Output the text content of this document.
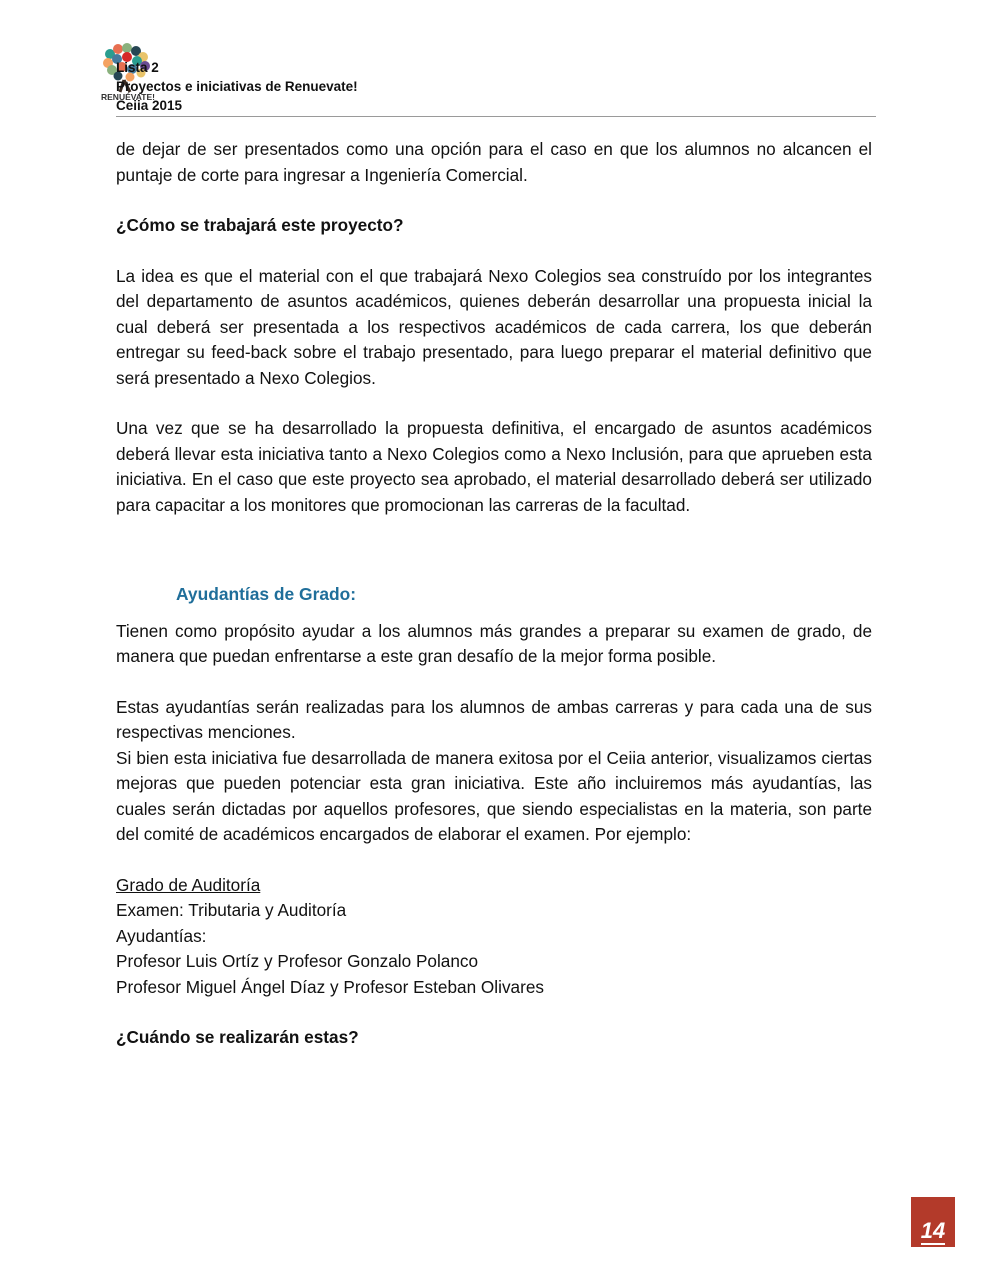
RENUÉVATE!
Lista 2
Proyectos e iniciativas de Renuevate!
Ceiia 2015

de dejar de ser presentados como una opción para el caso en que los alumnos no alcancen el puntaje de corte para ingresar a Ingeniería Comercial.

¿Cómo se trabajará este proyecto?

La idea es que el material con el que trabajará Nexo Colegios sea construído por los integrantes del departamento de asuntos académicos, quienes deberán desarrollar una propuesta inicial la cual deberá ser presentada a los respectivos académicos de cada carrera, los que deberán entregar su feed-back sobre el trabajo presentado, para luego preparar el material definitivo que será presentado a Nexo Colegios.

Una vez que se ha desarrollado la propuesta definitiva, el encargado de asuntos académicos deberá llevar esta iniciativa tanto a Nexo Colegios como a Nexo Inclusión, para que aprueben esta iniciativa. En el caso que este proyecto sea aprobado, el material desarrollado deberá ser utilizado para capacitar a los monitores que promocionan las carreras de la facultad.

Ayudantías de Grado:

Tienen como propósito ayudar a los alumnos más grandes a preparar su examen de grado, de manera que puedan enfrentarse a este gran desafío de la mejor forma posible.

Estas ayudantías serán realizadas para los alumnos de ambas carreras y para cada una de sus respectivas menciones.

Si bien esta iniciativa fue desarrollada de manera exitosa por el Ceiia anterior, visualizamos ciertas mejoras que pueden potenciar esta gran iniciativa. Este año incluiremos más ayudantías, las cuales serán dictadas por aquellos profesores, que siendo especialistas en la materia, son parte del comité de académicos encargados de elaborar el examen. Por ejemplo:

Grado de Auditoría

Examen: Tributaria y Auditoría

Ayudantías:

Profesor Luis Ortíz y Profesor Gonzalo Polanco

Profesor Miguel Ángel Díaz y Profesor Esteban Olivares

¿Cuándo se realizarán estas?

14
